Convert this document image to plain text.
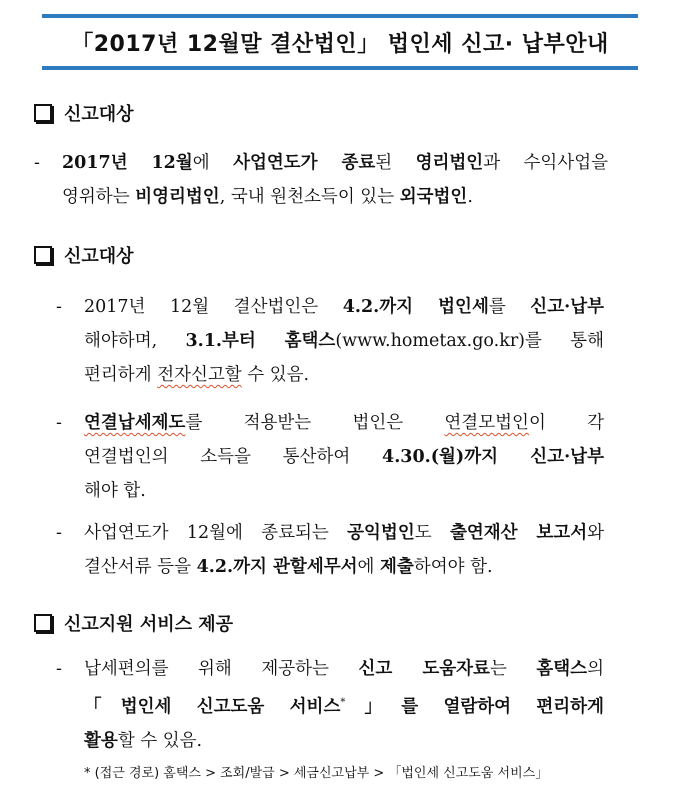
「2017년 12월말 결산법인」 법인세 신고· 납부안내
신고대상
- 2017년 12월에 사업연도가 종료된 영리법인과 수익사업을
영위하는 비영리법인, 국내 원천소득이 있는 외국법인.
신고대상
- 2017년 12월 결산법인은 4.2.까지 법인세를 신고·납부
해야하며, 3.1.부터 홈택스(www.hometax.go.kr)를 통해
편리하게 전자신고할 수 있음.
- 연결납세제도를 적용받는 법인은 연결모법인이 각
연결법인의 소득을 통산하여 4.30.(월)까지 신고·납부
해야 합.
- 사업연도가 12월에 종료되는 공익법인도 출연재산 보고서와
결산서류 등을 4.2.까지 관할세무서에 제출하여야 함.
신고지원 서비스 제공
- 납세편의를 위해 제공하는 신고 도움자료는 홈택스의
「법인세 신고도움 서비스*」를 열람하여 편리하게
활용할 수 있음.
* (접근 경로) 홈택스 > 조회/발급 > 세금신고납부 > 「법인세 신고도움 서비스」
